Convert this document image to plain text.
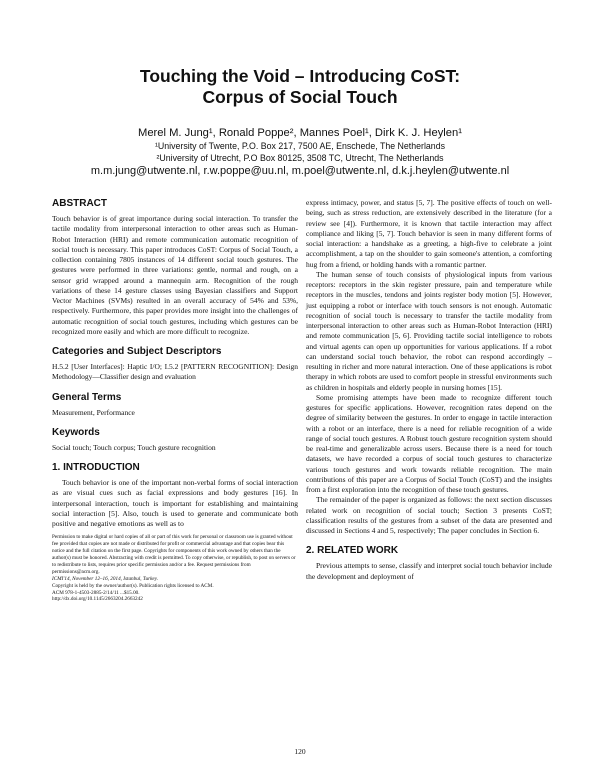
Touching the Void – Introducing CoST:
Corpus of Social Touch
Merel M. Jung¹, Ronald Poppe², Mannes Poel¹, Dirk K. J. Heylen¹
¹University of Twente, P.O. Box 217, 7500 AE, Enschede, The Netherlands
²University of Utrecht, P.O Box 80125, 3508 TC, Utrecht, The Netherlands
m.m.jung@utwente.nl, r.w.poppe@uu.nl, m.poel@utwente.nl, d.k.j.heylen@utwente.nl
ABSTRACT

Touch behavior is of great importance during social interaction. To transfer the tactile modality from interpersonal interaction to other areas such as Human-Robot Interaction (HRI) and remote communication automatic recognition of social touch is necessary. This paper introduces CoST: Corpus of Social Touch, a collection containing 7805 instances of 14 different social touch gestures. The gestures were performed in three variations: gentle, normal and rough, on a sensor grid wrapped around a mannequin arm. Recognition of the rough variations of these 14 gesture classes using Bayesian classifiers and Support Vector Machines (SVMs) resulted in an overall accuracy of 54% and 53%, respectively. Furthermore, this paper provides more insight into the challenges of automatic recognition of social touch gestures, including which gestures can be recognized more easily and which are more difficult to recognize.

Categories and Subject Descriptors

H.5.2 [User Interfaces]: Haptic I/O; I.5.2 [PATTERN RECOGNITION]: Design Methodology—Classifier design and evaluation

General Terms

Measurement, Performance

Keywords

Social touch; Touch corpus; Touch gesture recognition

1. INTRODUCTION

Touch behavior is one of the important non-verbal forms of social interaction as are visual cues such as facial expressions and body gestures [16]. In interpersonal interaction, touch is important for establishing and maintaining social interaction [5]. Also, touch is used to generate and communicate both positive and negative emotions as well as to

Permission to make digital or hard copies of all or part of this work for personal or classroom use is granted without fee provided that copies are not made or distributed for profit or commercial advantage and that copies bear this notice and the full citation on the first page. Copyrights for components of this work owned by others than the author(s) must be honored. Abstracting with credit is permitted. To copy otherwise, or republish, to post on servers or to redistribute to lists, requires prior specific permission and/or a fee. Request permissions from permissions@acm.org.

ICMI'14, November 12–16, 2014, Istanbul, Turkey.

Copyright is held by the owner/author(s). Publication rights licensed to ACM.

ACM 978-1-4503-2885-2/14/11 ...$15.00.

http://dx.doi.org/10.1145/2663204.2663242

express intimacy, power, and status [5, 7]. The positive effects of touch on well-being, such as stress reduction, are extensively described in the literature (for a review see [4]). Furthermore, it is known that tactile interaction may affect compliance and liking [5, 7]. Touch behavior is seen in many different forms of social interaction: a handshake as a greeting, a high-five to celebrate a joint accomplishment, a tap on the shoulder to gain someone's attention, a comforting hug from a friend, or holding hands with a romantic partner.

The human sense of touch consists of physiological inputs from various receptors: receptors in the skin register pressure, pain and temperature while receptors in the muscles, tendons and joints register body motion [5]. However, just equipping a robot or interface with touch sensors is not enough. Automatic recognition of social touch is necessary to transfer the tactile modality from interpersonal interaction to other areas such as Human-Robot Interaction (HRI) and remote communication [5, 6]. Providing tactile social intelligence to robots and virtual agents can open up opportunities for various applications. If a robot can understand social touch behavior, the robot can respond accordingly – resulting in richer and more natural interaction. One of these applications is robot therapy in which robots are used to comfort people in stressful environments such as children in hospitals and elderly people in nursing homes [15].

Some promising attempts have been made to recognize different touch gestures for specific applications. However, recognition rates depend on the degree of similarity between the gestures. In order to engage in tactile interaction with a robot or an interface, there is a need for reliable recognition of a wide range of social touch gestures. A Robust touch gesture recognition system should be real-time and generalizable across users. Because there is a need for touch datasets, we have recorded a corpus of social touch gestures to characterize various touch gestures and work towards reliable recognition. The main contributions of this paper are a Corpus of Social Touch (CoST) and the insights from a first exploration into the recognition of these touch gestures.

The remainder of the paper is organized as follows: the next section discusses related work on recognition of social touch; Section 3 presents CoST; classification results of the gestures from a subset of the data are presented and discussed in Sections 4 and 5, respectively; The paper concludes in Section 6.

2. RELATED WORK

Previous attempts to sense, classify and interpret social touch behavior include the development and deployment of

120
